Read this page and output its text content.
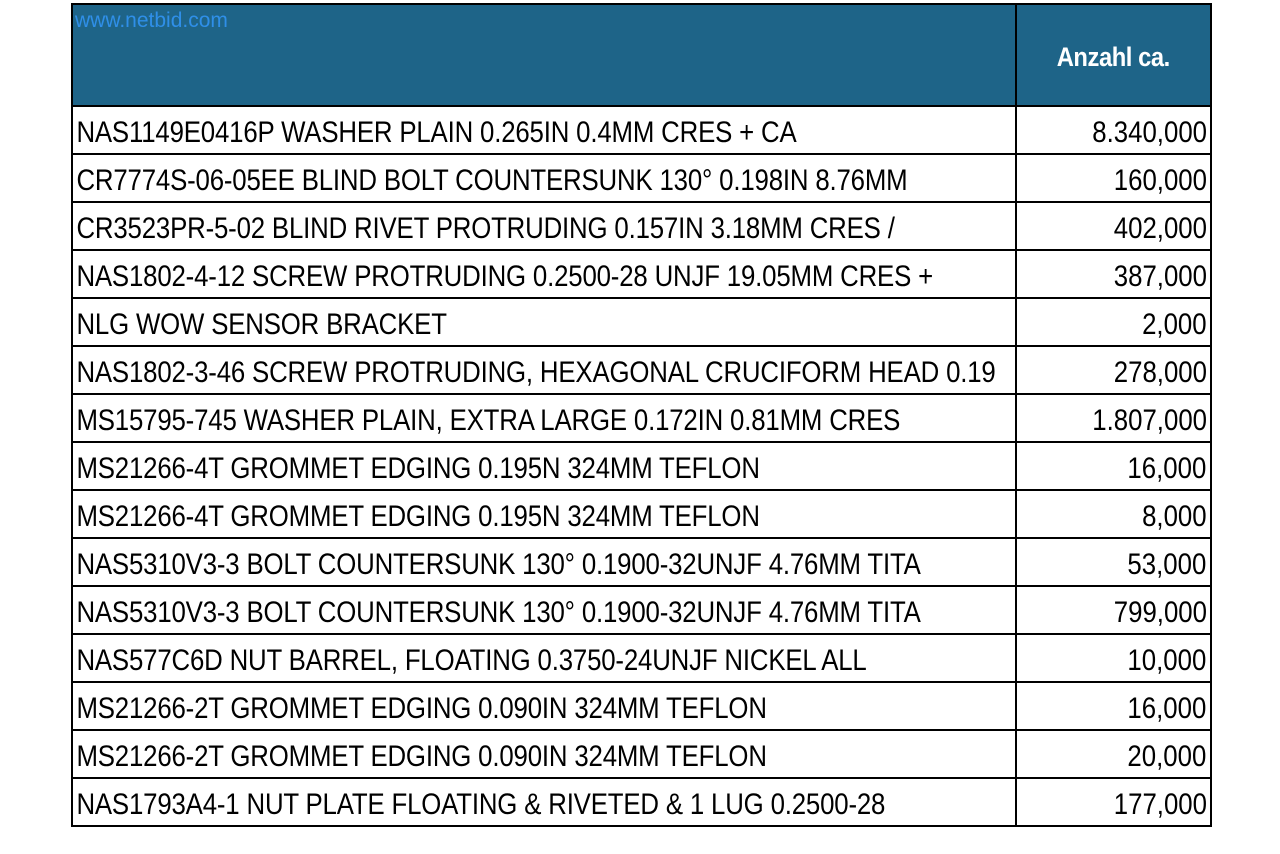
www.netbid.com	Anzahl ca.
NAS1149E0416P WASHER PLAIN 0.265IN 0.4MM CRES + CA	8.340,000
CR7774S-06-05EE BLIND BOLT COUNTERSUNK 130° 0.198IN 8.76MM	160,000
CR3523PR-5-02 BLIND RIVET PROTRUDING 0.157IN 3.18MM CRES /	402,000
NAS1802-4-12 SCREW PROTRUDING 0.2500-28 UNJF 19.05MM CRES +	387,000
NLG WOW SENSOR BRACKET	2,000
NAS1802-3-46 SCREW PROTRUDING, HEXAGONAL CRUCIFORM HEAD 0.19	278,000
MS15795-745 WASHER PLAIN, EXTRA LARGE 0.172IN 0.81MM CRES	1.807,000
MS21266-4T GROMMET EDGING 0.195N 324MM TEFLON	16,000
MS21266-4T GROMMET EDGING 0.195N 324MM TEFLON	8,000
NAS5310V3-3 BOLT COUNTERSUNK 130° 0.1900-32UNJF 4.76MM TITA	53,000
NAS5310V3-3 BOLT COUNTERSUNK 130° 0.1900-32UNJF 4.76MM TITA	799,000
NAS577C6D NUT BARREL, FLOATING 0.3750-24UNJF NICKEL ALL	10,000
MS21266-2T GROMMET EDGING 0.090IN 324MM TEFLON	16,000
MS21266-2T GROMMET EDGING 0.090IN 324MM TEFLON	20,000
NAS1793A4-1 NUT PLATE FLOATING & RIVETED & 1 LUG 0.2500-28	177,000
